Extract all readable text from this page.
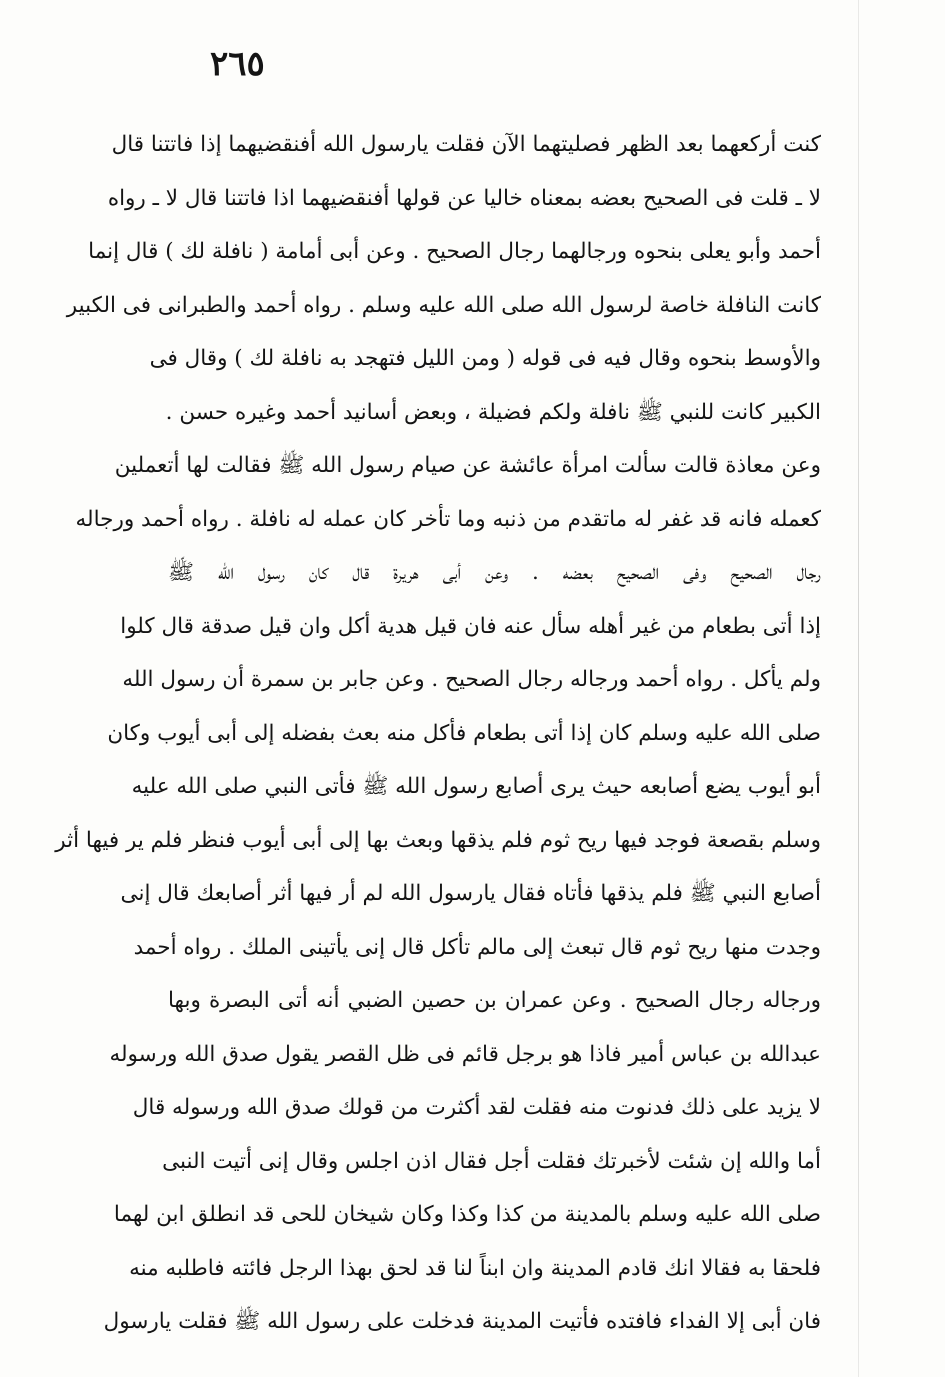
٢٦٥
كنت أركعهما بعد الظهر فصليتهما الآن فقلت يارسول الله أفنقضيهما إذا فاتتنا قال
لا ـ قلت فى الصحيح بعضه بمعناه خاليا عن قولها أفنقضيهما اذا فاتتنا قال لا ـ رواه
أحمد وأبو يعلى بنحوه ورجالهما رجال الصحيح . وعن أبى أمامة ( نافلة لك ) قال إنما
كانت النافلة خاصة لرسول الله صلى الله عليه وسلم . رواه أحمد والطبرانى فى الكبير
والأوسط بنحوه وقال فيه فى قوله ( ومن الليل فتهجد به نافلة لك ) وقال فى
الكبير كانت للنبي ﷺ نافلة ولكم فضيلة ، وبعض أسانيد أحمد وغيره حسن .
وعن معاذة قالت سألت امرأة عائشة عن صيام رسول الله ﷺ فقالت لها أتعملين
كعمله فانه قد غفر له ماتقدم من ذنبه وما تأخر كان عمله له نافلة . رواه أحمد ورجاله
رجال الصحيح وفى الصحيح بعضه . وعن أبى هريرة قال كان رسول الله ﷺ
إذا أتى بطعام من غير أهله سأل عنه فان قيل هدية أكل وان قيل صدقة قال كلوا
ولم يأكل . رواه أحمد ورجاله رجال الصحيح . وعن جابر بن سمرة أن رسول الله
صلى الله عليه وسلم كان إذا أتى بطعام فأكل منه بعث بفضله إلى أبى أيوب وكان
أبو أيوب يضع أصابعه حيث يرى أصابع رسول الله ﷺ فأتى النبي صلى الله عليه
وسلم بقصعة فوجد فيها ريح ثوم فلم يذقها وبعث بها إلى أبى أيوب فنظر فلم ير فيها أثر
أصابع النبي ﷺ فلم يذقها فأتاه فقال يارسول الله لم أر فيها أثر أصابعك قال إنى
وجدت منها ريح ثوم قال تبعث إلى مالم تأكل قال إنى يأتينى الملك . رواه أحمد
ورجاله رجال الصحيح . وعن عمران بن حصين الضبي أنه أتى البصرة وبها
عبدالله بن عباس أمير فاذا هو برجل قائم فى ظل القصر يقول صدق الله ورسوله
لا يزيد على ذلك فدنوت منه فقلت لقد أكثرت من قولك صدق الله ورسوله قال
أما والله إن شئت لأخبرتك فقلت أجل فقال اذن اجلس وقال إنى أتيت النبى
صلى الله عليه وسلم بالمدينة من كذا وكذا وكان شيخان للحى قد انطلق ابن لهما
فلحقا به فقالا انك قادم المدينة وان ابناً لنا قد لحق بهذا الرجل فائته فاطلبه منه
فان أبى إلا الفداء فافتده فأتيت المدينة فدخلت على رسول الله ﷺ فقلت يارسول
